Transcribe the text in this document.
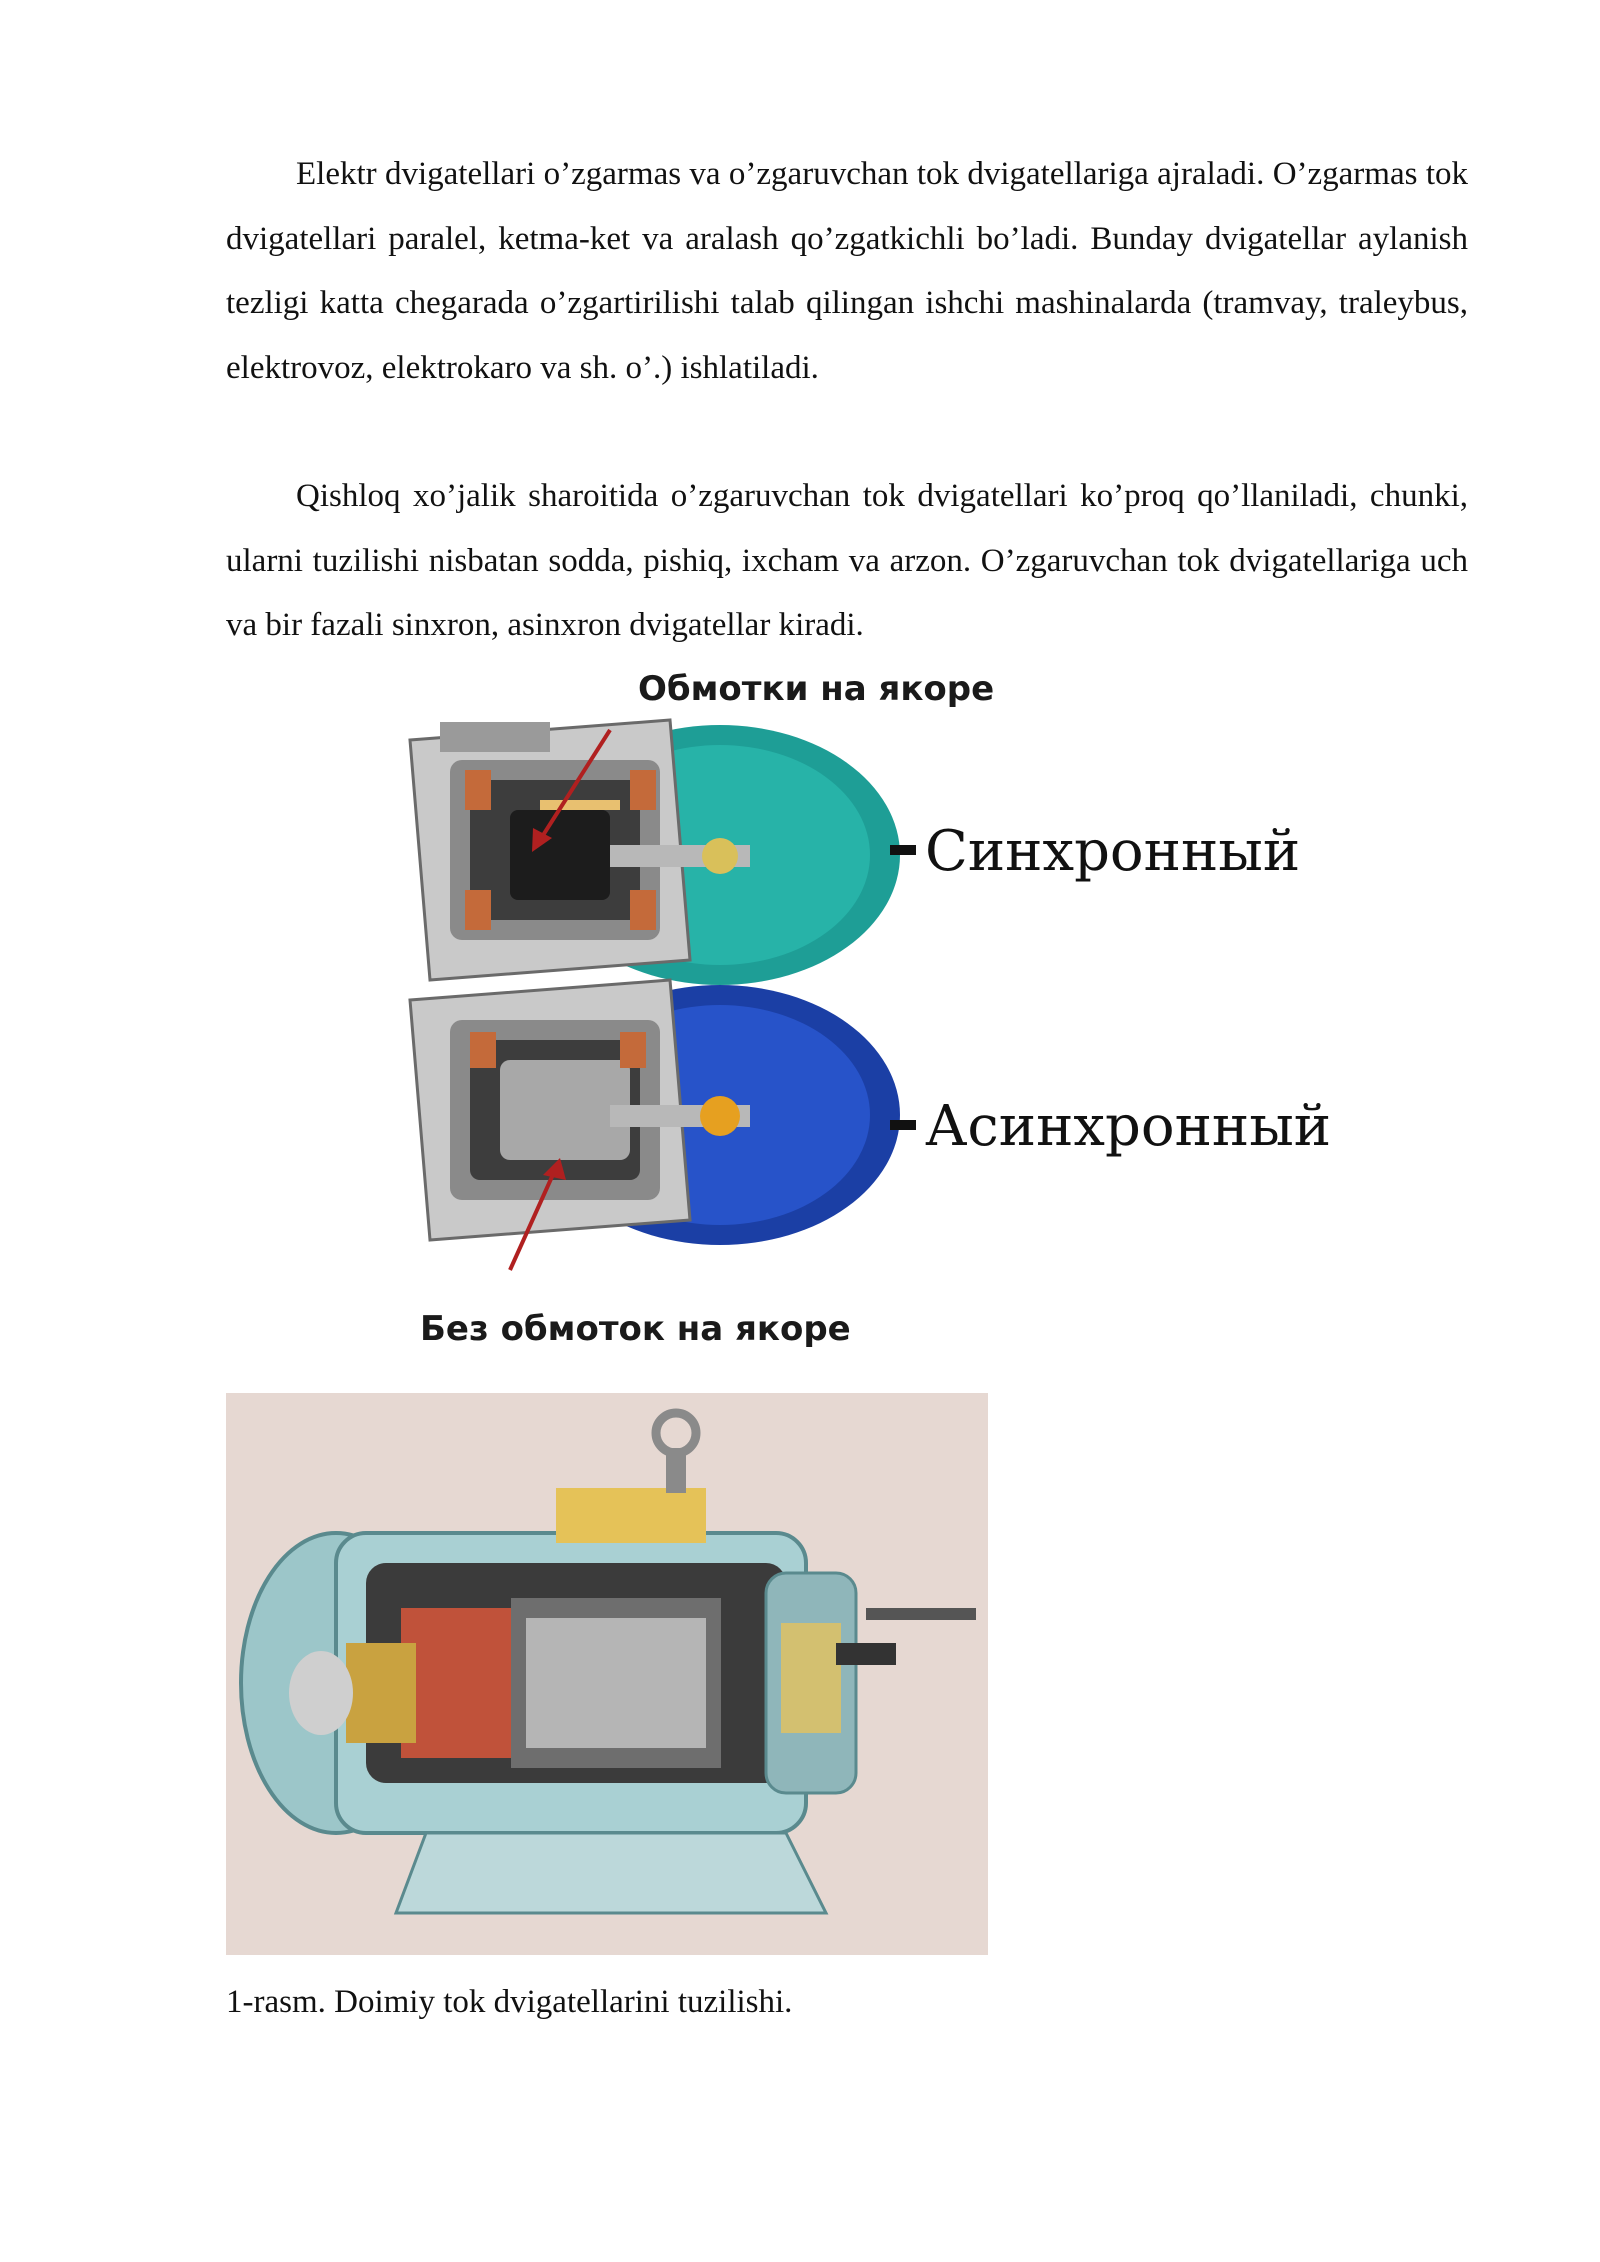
Elektr dvigatellari o’zgarmas va o’zgaruvchan tok dvigatellariga ajraladi. O’zgarmas tok dvigatellari paralel, ketma-ket va aralash qo’zgatkichli bo’ladi. Bunday dvigatellar aylanish tezligi katta chegarada o’zgartirilishi talab qilingan ishchi mashinalarda (tramvay, traleybus, elektrovoz, elektrokaro va sh. o’.) ishlatiladi.

Qishloq xo’jalik sharoitida o’zgaruvchan tok dvigatellari ko’proq qo’llaniladi, chunki, ularni tuzilishi nisbatan sodda, pishiq, ixcham va arzon. O’zgaruvchan tok dvigatellariga uch va bir fazali sinxron, asinxron dvigatellar kiradi.

Обмотки на якоре
Синхронный
Асинхронный
Без обмоток на якоре
1-rasm. Doimiy tok dvigatellarini tuzilishi.
